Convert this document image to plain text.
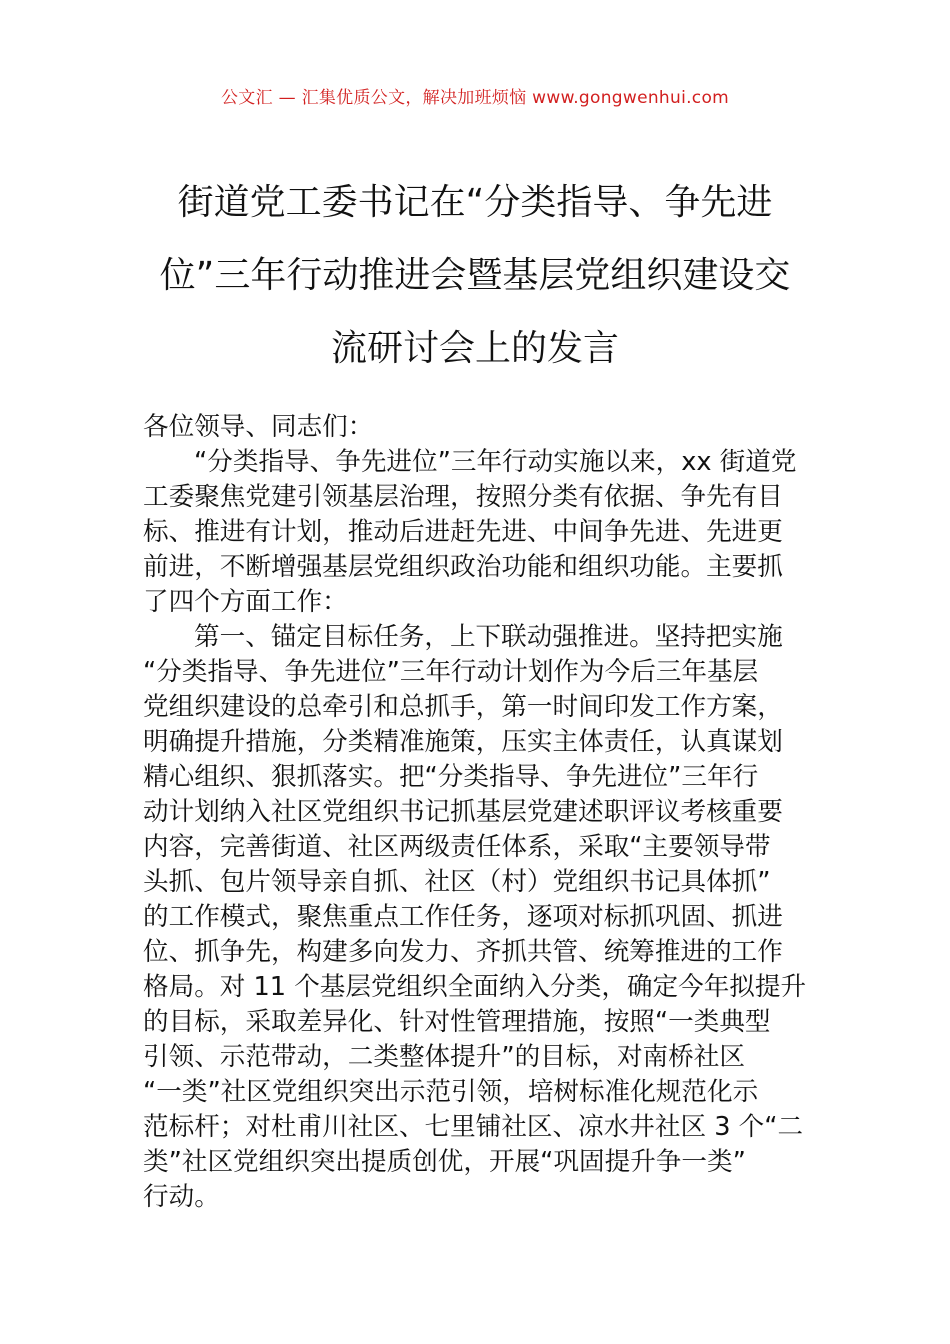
公文汇 — 汇集优质公文，解决加班烦恼 www.gongwenhui.com
街道党工委书记在“分类指导、争先进
位”三年行动推进会暨基层党组织建设交
流研讨会上的发言
各位领导、同志们：
“分类指导、争先进位”三年行动实施以来，xx 街道党
工委聚焦党建引领基层治理，按照分类有依据、争先有目
标、推进有计划，推动后进赶先进、中间争先进、先进更
前进，不断增强基层党组织政治功能和组织功能。主要抓
了四个方面工作：
第一、锚定目标任务，上下联动强推进。坚持把实施
“分类指导、争先进位”三年行动计划作为今后三年基层
党组织建设的总牵引和总抓手，第一时间印发工作方案，
明确提升措施，分类精准施策，压实主体责任，认真谋划
精心组织、狠抓落实。把“分类指导、争先进位”三年行
动计划纳入社区党组织书记抓基层党建述职评议考核重要
内容，完善街道、社区两级责任体系，采取“主要领导带
头抓、包片领导亲自抓、社区（村）党组织书记具体抓”
的工作模式，聚焦重点工作任务，逐项对标抓巩固、抓进
位、抓争先，构建多向发力、齐抓共管、统筹推进的工作
格局。对 11 个基层党组织全面纳入分类，确定今年拟提升
的目标，采取差异化、针对性管理措施，按照“一类典型
引领、示范带动，二类整体提升”的目标，对南桥社区
“一类”社区党组织突出示范引领，培树标准化规范化示
范标杆；对杜甫川社区、七里铺社区、凉水井社区 3 个“二
类”社区党组织突出提质创优，开展“巩固提升争一类”
行动。
